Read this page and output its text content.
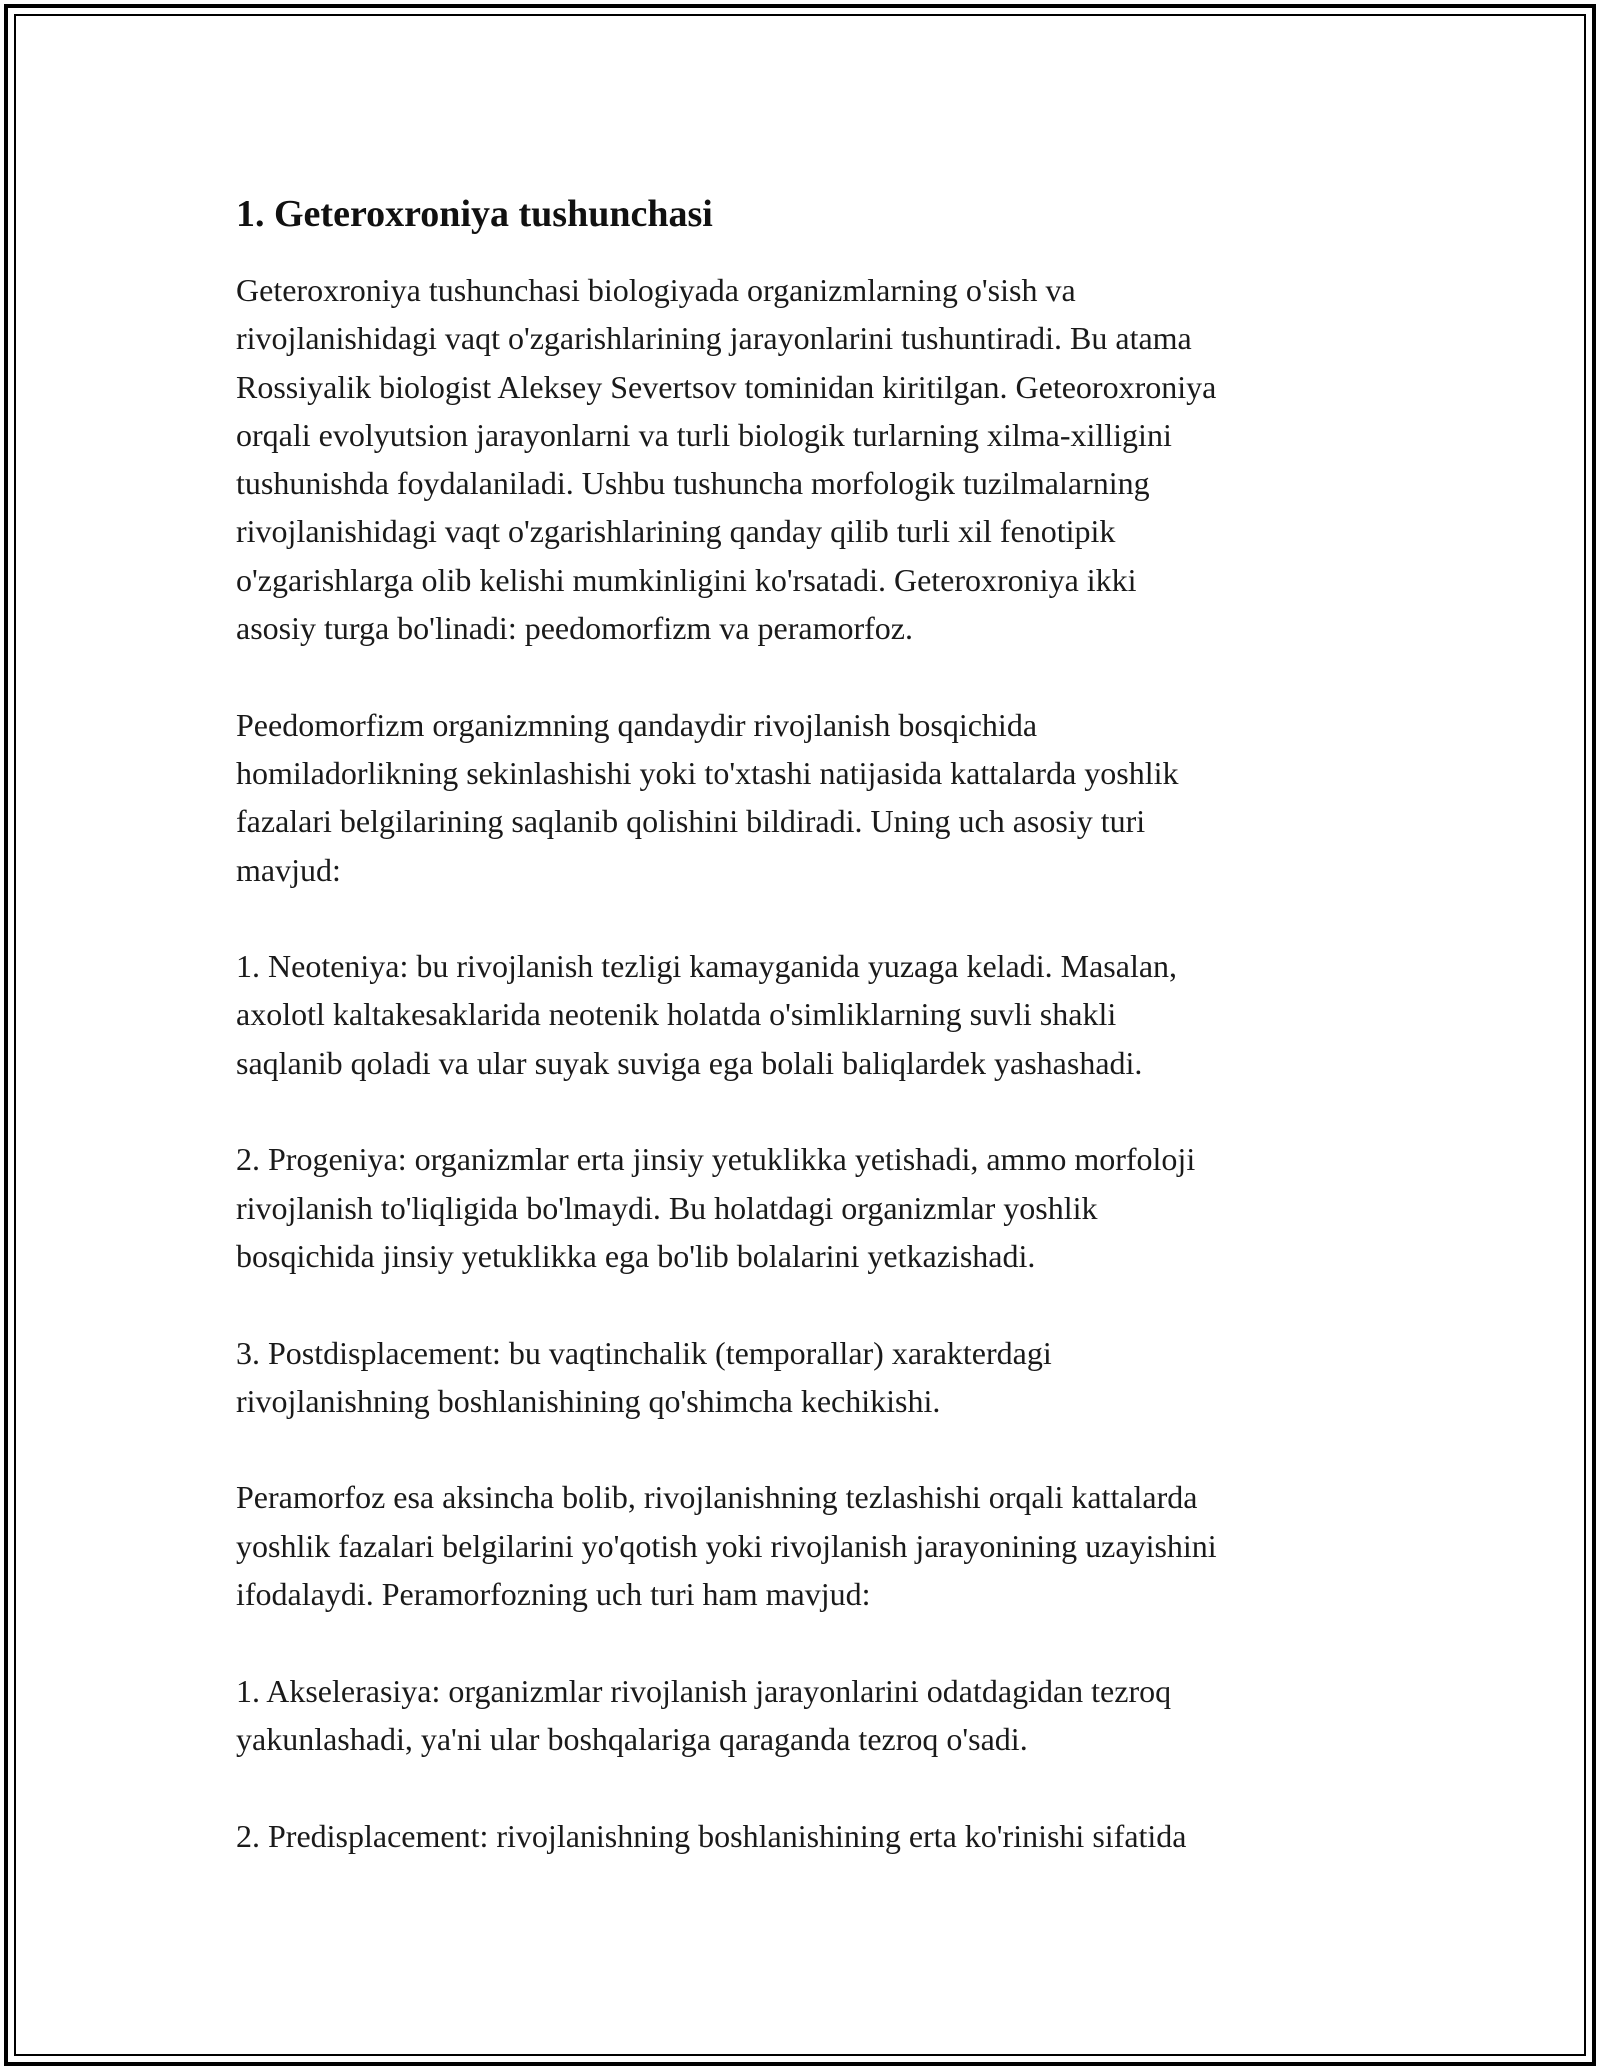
1. Geteroxroniya tushunchasi

Geteroxroniya tushunchasi biologiyada organizmlarning o'sish va
rivojlanishidagi vaqt o'zgarishlarining jarayonlarini tushuntiradi. Bu atama
Rossiyalik biologist Aleksey Severtsov tominidan kiritilgan. Geteoroxroniya
orqali evolyutsion jarayonlarni va turli biologik turlarning xilma-xilligini
tushunishda foydalaniladi. Ushbu tushuncha morfologik tuzilmalarning
rivojlanishidagi vaqt o'zgarishlarining qanday qilib turli xil fenotipik
o'zgarishlarga olib kelishi mumkinligini ko'rsatadi. Geteroxroniya ikki
asosiy turga bo'linadi: peedomorfizm va peramorfoz.

Peedomorfizm organizmning qandaydir rivojlanish bosqichida
homiladorlikning sekinlashishi yoki to'xtashi natijasida kattalarda yoshlik
fazalari belgilarining saqlanib qolishini bildiradi. Uning uch asosiy turi
mavjud:

1. Neoteniya: bu rivojlanish tezligi kamayganida yuzaga keladi. Masalan,
axolotl kaltakesaklarida neotenik holatda o'simliklarning suvli shakli
saqlanib qoladi va ular suyak suviga ega bolali baliqlardek yashashadi.

2. Progeniya: organizmlar erta jinsiy yetuklikka yetishadi, ammo morfoloji
rivojlanish to'liqligida bo'lmaydi. Bu holatdagi organizmlar yoshlik
bosqichida jinsiy yetuklikka ega bo'lib bolalarini yetkazishadi.

3. Postdisplacement: bu vaqtinchalik (temporallar) xarakterdagi
rivojlanishning boshlanishining qo'shimcha kechikishi.

Peramorfoz esa aksincha bolib, rivojlanishning tezlashishi orqali kattalarda
yoshlik fazalari belgilarini yo'qotish yoki rivojlanish jarayonining uzayishini
ifodalaydi. Peramorfozning uch turi ham mavjud:

1. Akselerasiya: organizmlar rivojlanish jarayonlarini odatdagidan tezroq
yakunlashadi, ya'ni ular boshqalariga qaraganda tezroq o'sadi.

2. Predisplacement: rivojlanishning boshlanishining erta ko'rinishi sifatida
